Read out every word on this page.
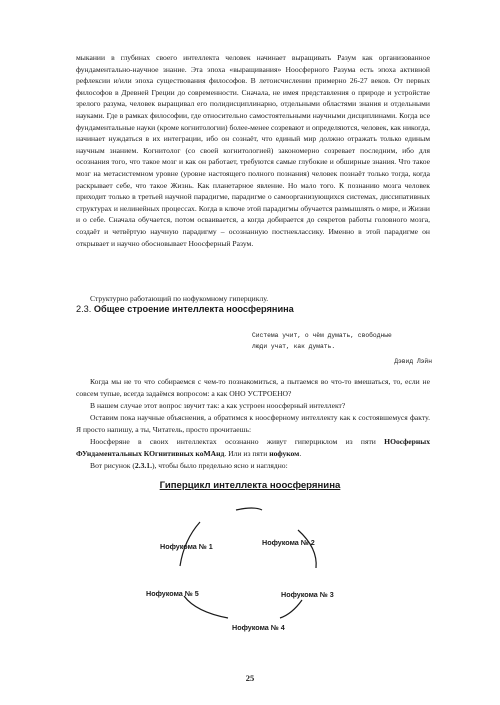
мыкании в глубинах своего интеллекта человек начинает выращивать Разум как организованное фундаментально-научное знание. Эта эпоха «выращивания» Ноосферного Разума есть эпоха активной рефлексии и/или эпоха существования философов. В летоисчислении примерно 26-27 веков. От первых философов в Древней Греции до современности. Сначала, не имея представления о природе и устройстве зрелого разума, человек выращивал его полидисциплинарно, отдельными областями знания и отдельными науками. Где в рамках философии, где относительно самостоятельными научными дисциплинами. Когда все фундаментальные науки (кроме когнитологии) более-менее созревают и определяются, человек, как никогда, начинает нуждаться в их интеграции, ибо он сознаёт, что единый мир должно отражать только единым научным знанием. Когнитолог (со своей когнитологией) закономерно созревает последним, ибо для осознания того, что такое мозг и как он работает, требуются самые глубокие и обширные знания. Что такое мозг на метасистемном уровне (уровне настоящего полного познания) человек познаёт только тогда, когда раскрывает себе, что такое Жизнь. Как планетарное явление. Но мало того. К познанию мозга человек приходит только в третьей научной парадигме, парадигме о самоорганизующихся системах, диссипативных структурах и нелинейных процессах. Когда в ключе этой парадигмы обучается размышлять о мире, и Жизни и о себе. Сначала обучается, потом осваивается, а когда добирается до секретов работы головного мозга, создаёт и четвёртую научную парадигму – осознанную постнеклассику. Именно в этой парадигме он открывает и научно обосновывает Ноосферный Разум.

Структурно работающий по нофукомному гиперциклу.

2.3. Общее строение интеллекта ноосферянина

Система учит, о чём думать, свободные
люди учат, как думать.
Дэвид Лэйн

Когда мы не то что собираемся с чем-то познакомиться, а пытаемся во что-то вмешаться, то, если не совсем тупые, всегда задаёмся вопросом: а как ОНО УСТРОЕНО?

В нашем случае этот вопрос звучит так: а как устроен ноосферный интеллект?

Оставим пока научные объяснения, а обратимся к ноосферному интеллекту как к состоявшемуся факту. Я просто напишу, а ты, Читатель, просто прочитаешь:

Ноосферяне в своих интеллектах осознанно живут гиперциклом из пяти НОосферных ФУндаментальных КОгнитивных коМАнд. Или из пяти нофуком.

Вот рисунок (2.3.1.), чтобы было предельно ясно и наглядно:

Гиперцикл интеллекта ноосферянина
Нофукома № 1	Нофукома № 2
Нофукома № 3
Нофукома № 4
Нофукома № 5
25
